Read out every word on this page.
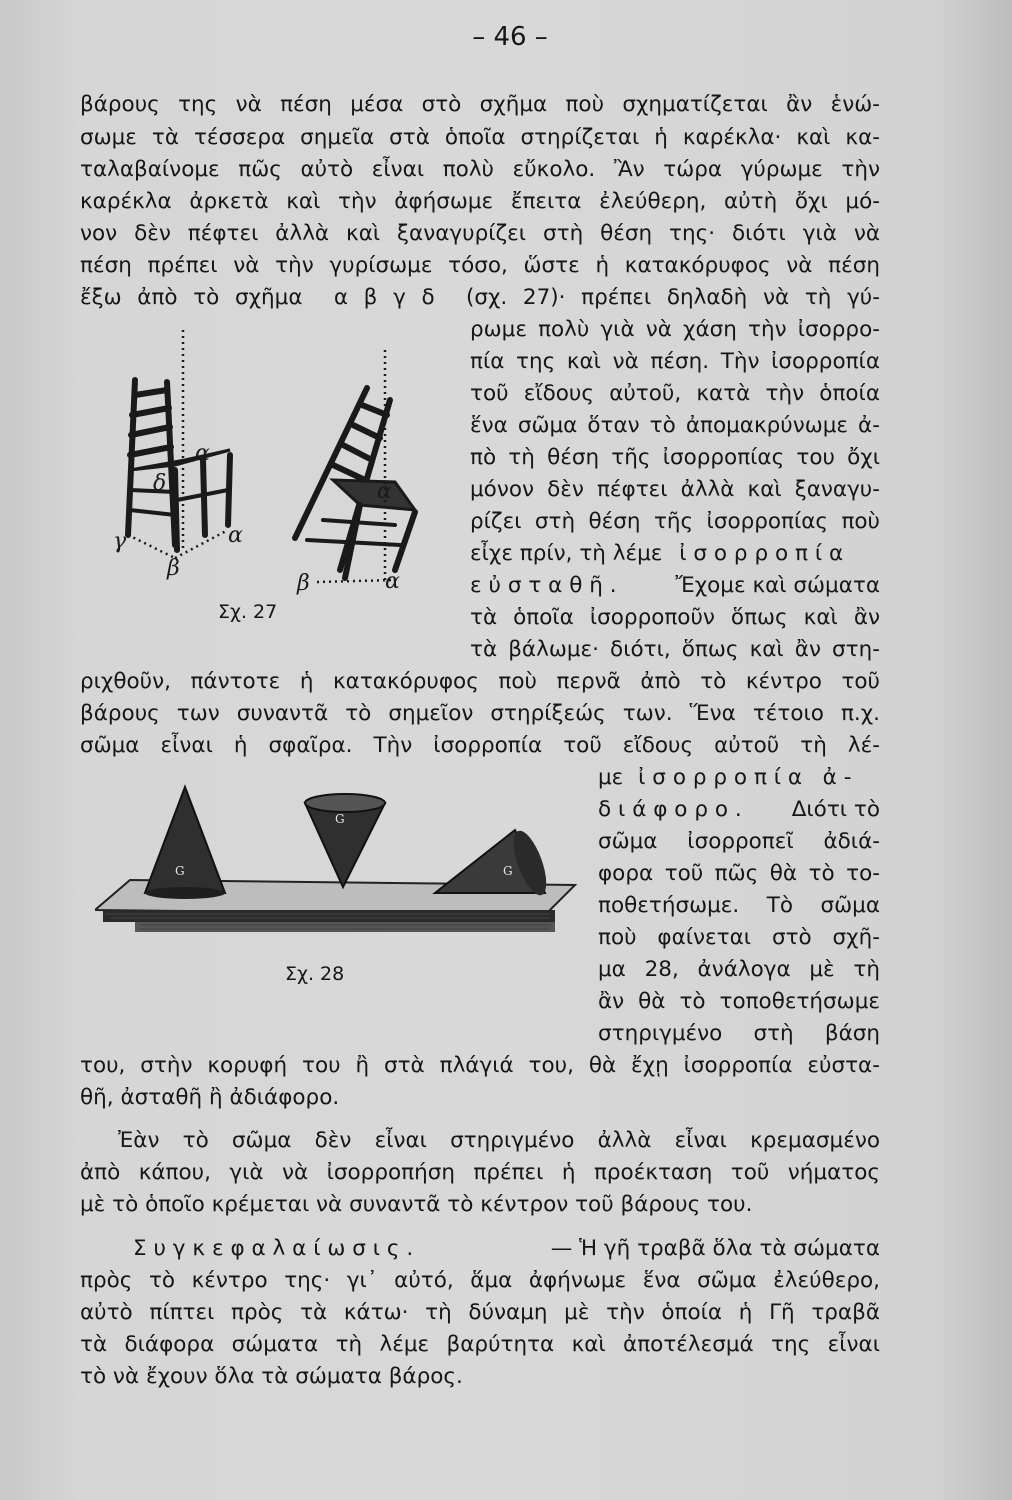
– 46 –
βάρους της νὰ πέση μέσα στὸ σχῆμα ποὺ σχηματίζεται ἂν ἑνώ-
σωμε τὰ τέσσερα σημεῖα στὰ ὁποῖα στηρίζεται ἡ καρέκλα· καὶ κα-
ταλαβαίνομε πῶς αὐτὸ εἶναι πολὺ εὔκολο. Ἂν τώρα γύρωμε τὴν
καρέκλα ἀρκετὰ καὶ τὴν ἀφήσωμε ἔπειτα ἐλεύθερη, αὐτὴ ὄχι μό-
νον δὲν πέφτει ἀλλὰ καὶ ξαναγυρίζει στὴ θέση της· διότι γιὰ νὰ
πέση πρέπει νὰ τὴν γυρίσωμε τόσο, ὥστε ἡ κατακόρυφος νὰ πέση
ἔξω ἀπὸ τὸ σχῆμα  α β γ δ  (σχ. 27)· πρέπει δηλαδὴ νὰ τὴ γύ-
ρωμε πολὺ γιὰ νὰ χάση τὴν ἰσορρο-
πία της καὶ νὰ πέση. Τὴν ἰσορροπία
τοῦ εἴδους αὐτοῦ, κατὰ τὴν ὁποία
ἕνα σῶμα ὅταν τὸ ἀπομακρύνωμε ἀ-
πὸ τὴ θέση τῆς ἰσορροπίας του ὄχι
μόνον δὲν πέφτει ἀλλὰ καὶ ξαναγυ-
ρίζει στὴ θέση τῆς ἰσορροπίας ποὺ
εἶχε πρίν, τὴ λέμε ἰσορροπία
εὐσταθῆ. Ἔχομε καὶ σώματα
τὰ ὁποῖα ἰσορροποῦν ὅπως καὶ ἂν
τὰ βάλωμε· διότι, ὅπως καὶ ἂν στη-
ριχθοῦν, πάντοτε ἡ κατακόρυφος ποὺ περνᾶ ἀπὸ τὸ κέντρο τοῦ
βάρους των συναντᾶ τὸ σημεῖον στηρίξεώς των. Ἕνα τέτοιο π.χ.
σῶμα εἶναι ἡ σφαῖρα. Τὴν ἰσορροπία τοῦ εἴδους αὐτοῦ τὴ λέ-
με ἰσορροπία ἀ-
διάφορο. Διότι τὸ
σῶμα ἰσορροπεῖ ἀδιά-
φορα τοῦ πῶς θὰ τὸ το-
ποθετήσωμε. Τὸ σῶμα
ποὺ φαίνεται στὸ σχῆ-
μα 28, ἀνάλογα μὲ τὴ
ἂν θὰ τὸ τοποθετήσωμε
στηριγμένο στὴ βάση
του, στὴν κορυφή του ἢ στὰ πλάγιά του, θὰ ἔχῃ ἰσορροπία εὐστα-
θῆ, ἀσταθῆ ἢ ἀδιάφορο.
Ἐὰν τὸ σῶμα δὲν εἶναι στηριγμένο ἀλλὰ εἶναι κρεμασμένο
ἀπὸ κάπου, γιὰ νὰ ἰσορροπήση πρέπει ἡ προέκταση τοῦ νήματος
μὲ τὸ ὁποῖο κρέμεται νὰ συναντᾶ τὸ κέντρον τοῦ βάρους του.
Συγκεφαλαίωσις.	— Ἡ γῆ τραβᾶ ὅλα τὰ σώματα
πρὸς τὸ κέντρο της· γι᾿ αὐτό, ἅμα ἀφήνωμε ἕνα σῶμα ἐλεύθερο,
αὐτὸ πίπτει πρὸς τὰ κάτω· τὴ δύναμη μὲ τὴν ὁποία ἡ Γῆ τραβᾶ
τὰ διάφορα σώματα τὴ λέμε βαρύτητα καὶ ἀποτέλεσμά της εἶναι
τὸ νὰ ἔχουν ὅλα τὰ σώματα βάρος.
α
β
γ
δ
α
β	α
α
Σχ. 27
G
G
G
Σχ. 28
